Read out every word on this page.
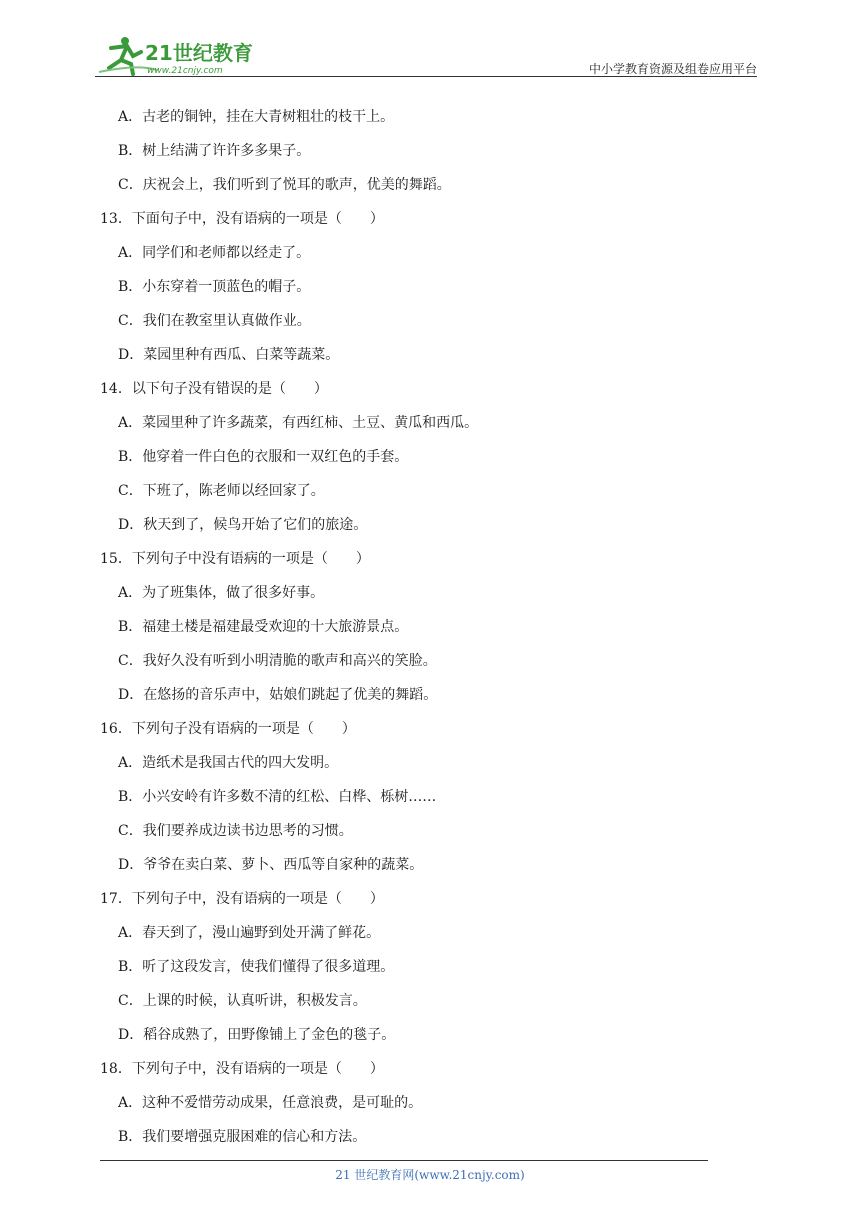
21世纪教育
www.21cnjy.com	中小学教育资源及组卷应用平台
A．古老的铜钟，挂在大青树粗壮的枝干上。
B．树上结满了许许多多果子。
C．庆祝会上，我们听到了悦耳的歌声，优美的舞蹈。
13．下面句子中，没有语病的一项是（　　）
A．同学们和老师都以经走了。
B．小东穿着一顶蓝色的帽子。
C．我们在教室里认真做作业。
D．菜园里种有西瓜、白菜等蔬菜。
14．以下句子没有错误的是（　　）
A．菜园里种了许多蔬菜，有西红柿、土豆、黄瓜和西瓜。
B．他穿着一件白色的衣服和一双红色的手套。
C．下班了，陈老师以经回家了。
D．秋天到了，候鸟开始了它们的旅途。
15．下列句子中没有语病的一项是（　　）
A．为了班集体，做了很多好事。
B．福建土楼是福建最受欢迎的十大旅游景点。
C．我好久没有听到小明清脆的歌声和高兴的笑脸。
D．在悠扬的音乐声中，姑娘们跳起了优美的舞蹈。
16．下列句子没有语病的一项是（　　）
A．造纸术是我国古代的四大发明。
B．小兴安岭有许多数不清的红松、白桦、栎树……
C．我们要养成边读书边思考的习惯。
D．爷爷在卖白菜、萝卜、西瓜等自家种的蔬菜。
17．下列句子中，没有语病的一项是（　　）
A．春天到了，漫山遍野到处开满了鲜花。
B．听了这段发言，使我们懂得了很多道理。
C．上课的时候，认真听讲，积极发言。
D．稻谷成熟了，田野像铺上了金色的毯子。
18．下列句子中，没有语病的一项是（　　）
A．这种不爱惜劳动成果，任意浪费，是可耻的。
B．我们要增强克服困难的信心和方法。
21 世纪教育网(www.21cnjy.com)
